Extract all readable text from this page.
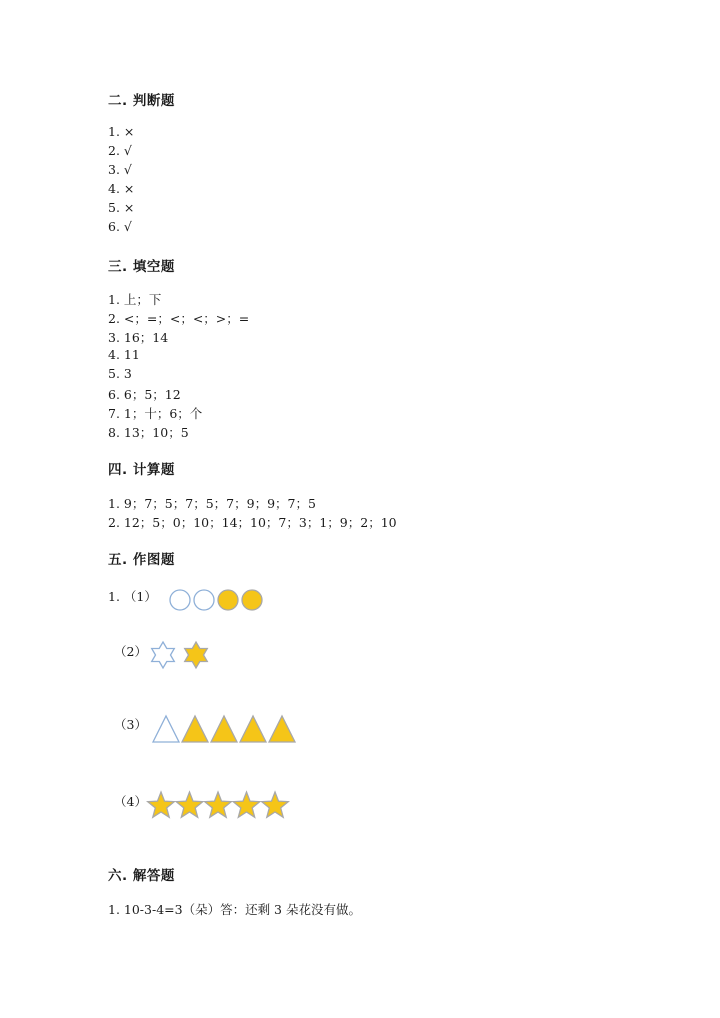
二. 判断题
1. ×
2. √
3. √
4. ×
5. ×
6. √
三. 填空题
1. 上；下
2. <；=；<；<；>；=
3. 16；14
4. 11
5. 3
6. 6；5；12
7. 1；十；6；个
8. 13；10；5
四. 计算题
1. 9；7；5；7；5；7；9；9；7；5
2. 12；5；0；10；14；10；7；3；1；9；2；10
五. 作图题
1. （1）
（2）
（3）
（4）
六. 解答题
1. 10-3-4=3（朵）答：还剩 3 朵花没有做。
